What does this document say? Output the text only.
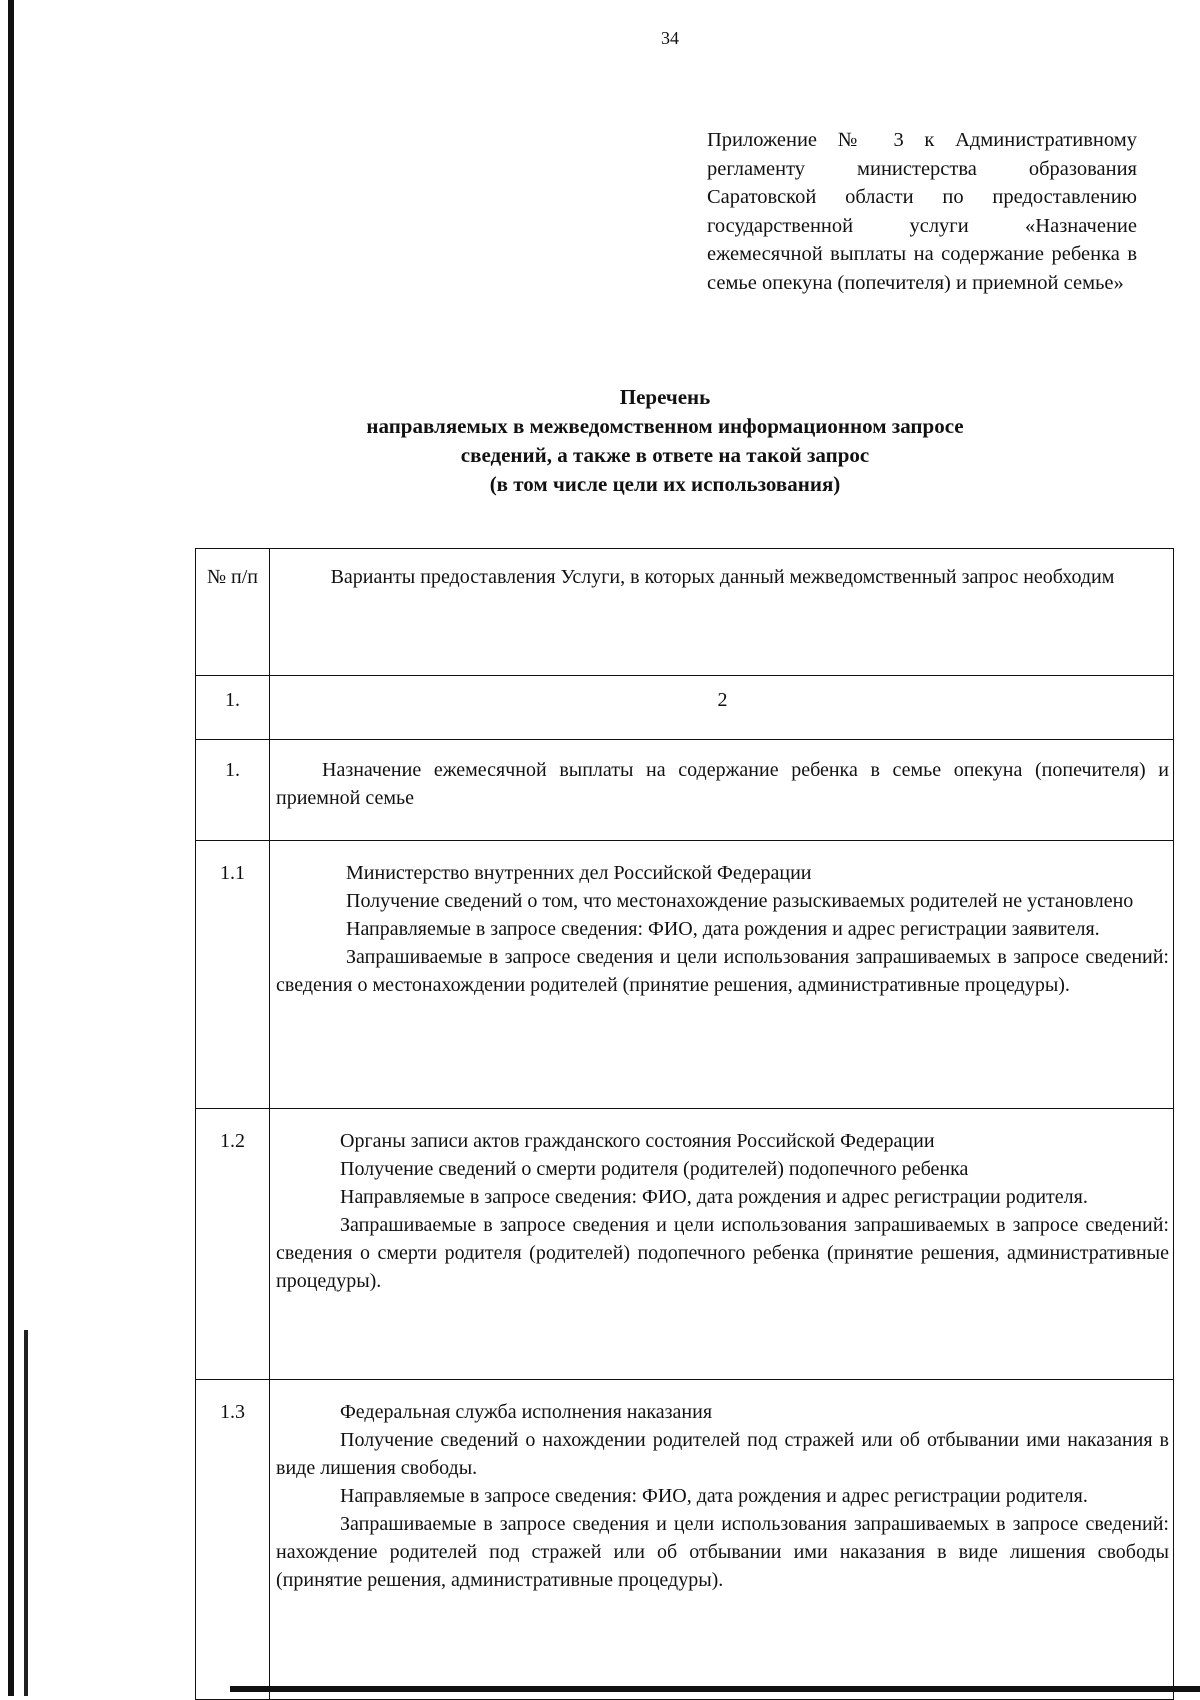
34
Приложение № 3 к Административному регламенту министерства образования Саратовской области по предоставлению государственной услуги «Назначение ежемесячной выплаты на содержание ребенка в семье опекуна (попечителя) и приемной семье»
Перечень
направляемых в межведомственном информационном запросе
сведений, а также в ответе на такой запрос
(в том числе цели их использования)
№ п/п	Варианты предоставления Услуги, в которых данный межведомственный запрос необходим
1.	2
1.	Назначение ежемесячной выплаты на содержание ребенка в семье опекуна (попечителя) и приемной семье

1.1	Министерство внутренних дел Российской Федерации
Получение сведений о том, что местонахождение разыскиваемых родителей не установлено
Направляемые в запросе сведения: ФИО, дата рождения и адрес регистрации заявителя.
Запрашиваемые в запросе сведения и цели использования запрашиваемых в запросе сведений: сведения о местонахождении родителей (принятие решения, административные процедуры).

1.2	Органы записи актов гражданского состояния Российской Федерации
Получение сведений о смерти родителя (родителей) подопечного ребенка
Направляемые в запросе сведения: ФИО, дата рождения и адрес регистрации родителя.
Запрашиваемые в запросе сведения и цели использования запрашиваемых в запросе сведений: сведения о смерти родителя (родителей) подопечного ребенка (принятие решения, административные процедуры).

1.3	Федеральная служба исполнения наказания
Получение сведений о нахождении родителей под стражей или об отбывании ими наказания в виде лишения свободы.
Направляемые в запросе сведения: ФИО, дата рождения и адрес регистрации родителя.
Запрашиваемые в запросе сведения и цели использования запрашиваемых в запросе сведений: нахождение родителей под стражей или об отбывании ими наказания в виде лишения свободы (принятие решения, административные процедуры).
